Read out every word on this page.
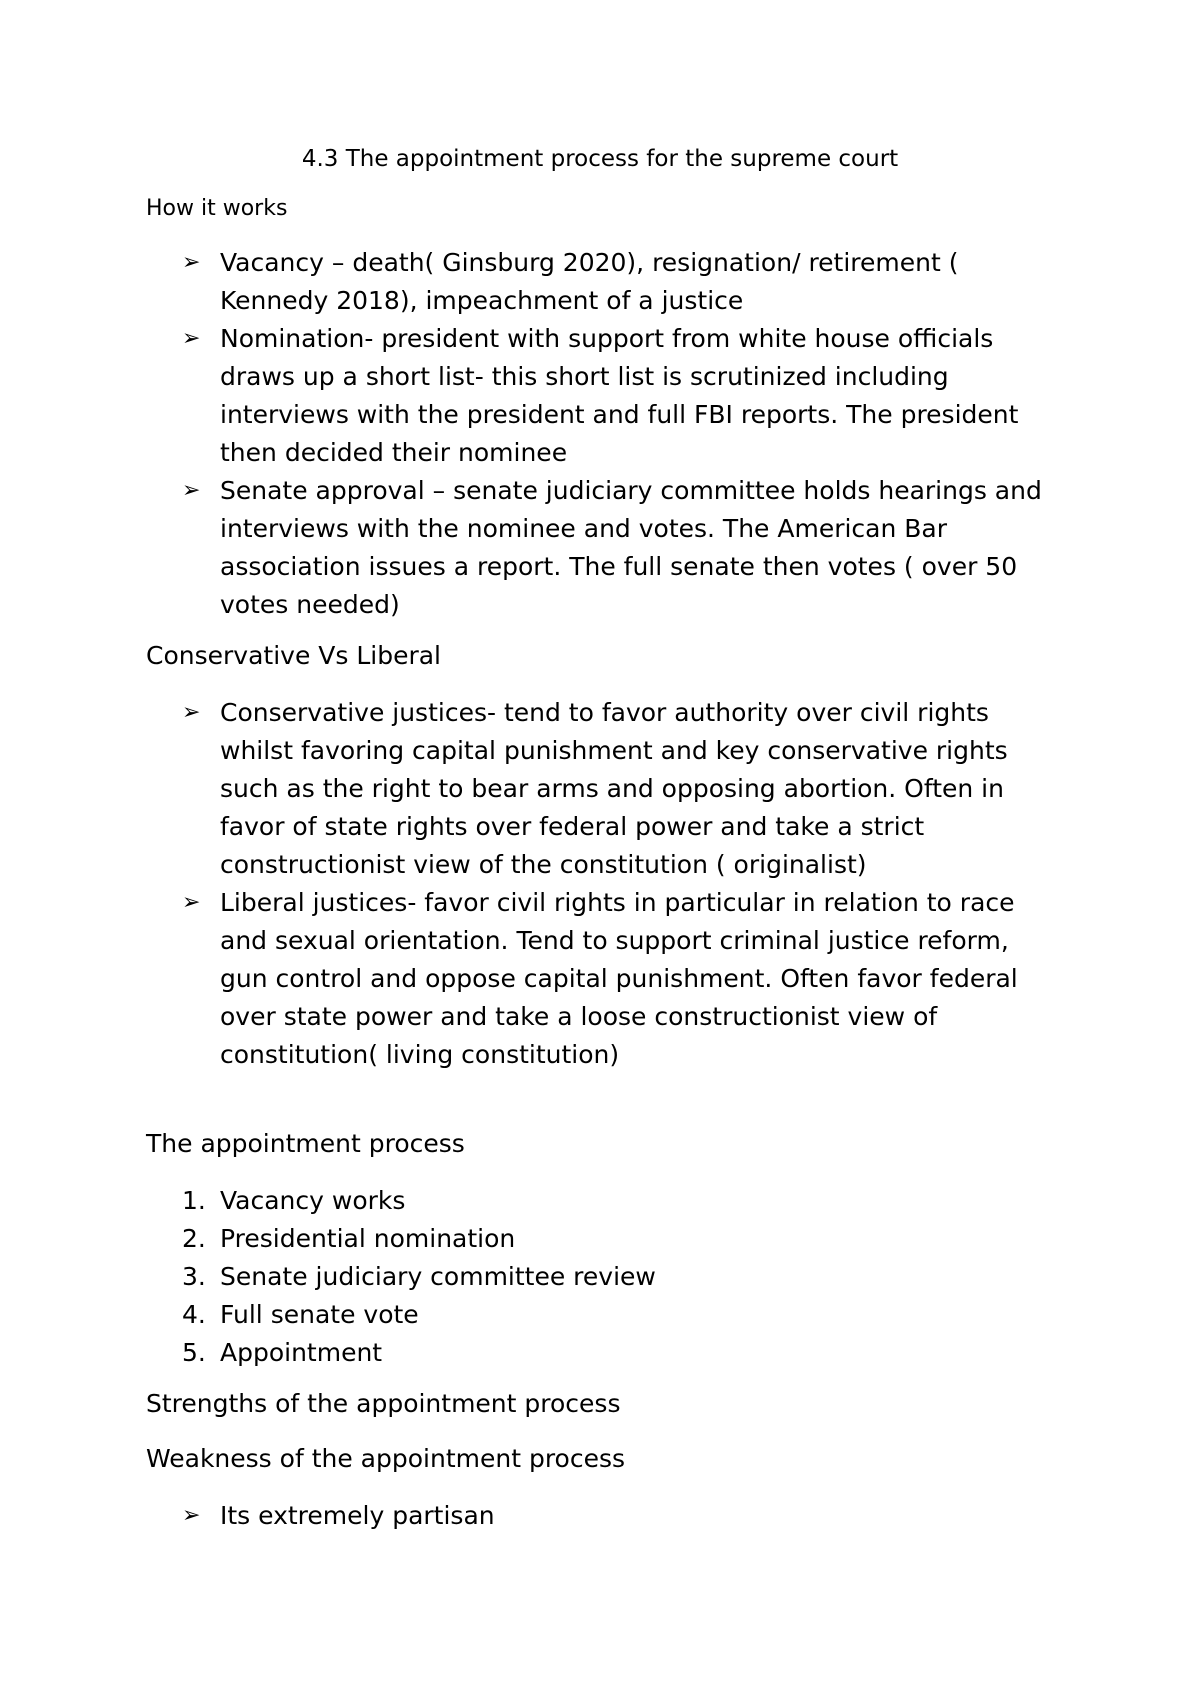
4.3 The appointment process for the supreme court
How it works
➢ Vacancy – death( Ginsburg 2020), resignation/ retirement ( Kennedy 2018), impeachment of a justice
➢ Nomination- president with support from white house officials draws up a short list- this short list is scrutinized including interviews with the president and full FBI reports. The president then decided their nominee
➢ Senate approval – senate judiciary committee holds hearings and interviews with the nominee and votes. The American Bar association issues a report. The full senate then votes ( over 50 votes needed)
Conservative Vs Liberal
➢ Conservative justices- tend to favor authority over civil rights whilst favoring capital punishment and key conservative rights such as the right to bear arms and opposing abortion. Often in favor of state rights over federal power and take a strict constructionist view of the constitution ( originalist)
➢ Liberal justices- favor civil rights in particular in relation to race and sexual orientation. Tend to support criminal justice reform, gun control and oppose capital punishment. Often favor federal over state power and take a loose constructionist view of constitution( living constitution)
The appointment process
1. Vacancy works
2. Presidential nomination
3. Senate judiciary committee review
4. Full senate vote
5. Appointment
Strengths of the appointment process
Weakness of the appointment process
➢ Its extremely partisan
